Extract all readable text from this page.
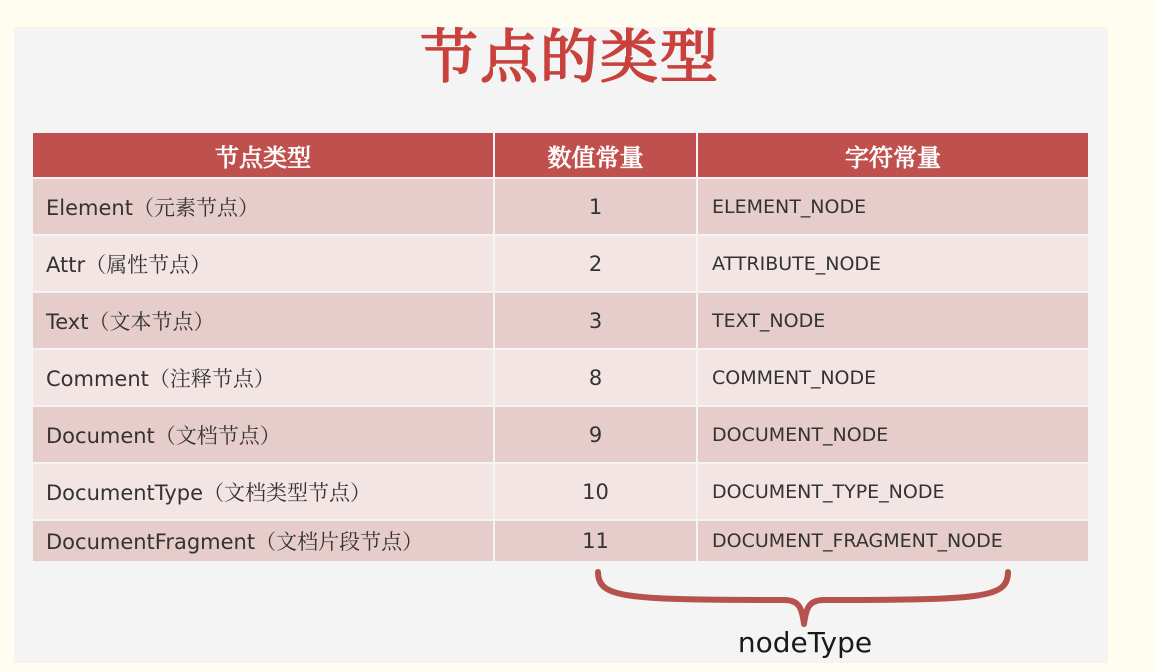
节点的类型
节点类型	数值常量	字符常量
Element（元素节点）	1	ELEMENT_NODE
Attr（属性节点）	2	ATTRIBUTE_NODE
Text（文本节点）	3	TEXT_NODE
Comment（注释节点）	8	COMMENT_NODE
Document（文档节点）	9	DOCUMENT_NODE
DocumentType（文档类型节点）	10	DOCUMENT_TYPE_NODE
DocumentFragment（文档片段节点）	11	DOCUMENT_FRAGMENT_NODE
nodeType
